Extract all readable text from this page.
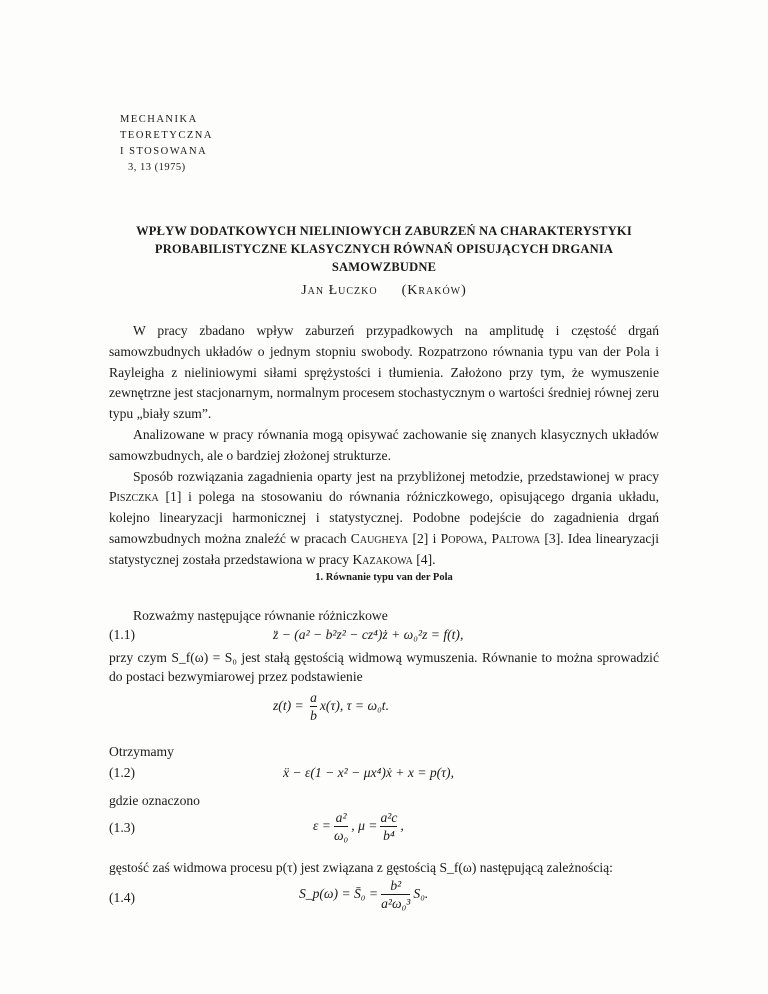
MECHANIKA
TEORETYCZNA
I STOSOWANA
3, 13 (1975)
WPŁYW DODATKOWYCH NIELINIOWYCH ZABURZEŃ NA CHARAKTERYSTYKI
PROBABILISTYCZNE KLASYCZNYCH RÓWNAŃ OPISUJĄCYCH DRGANIA
SAMOWZBUDNE
Jan Łuczko (Kraków)

W pracy zbadano wpływ zaburzeń przypadkowych na amplitudę i częstość drgań samowzbudnych układów o jednym stopniu swobody. Rozpatrzono równania typu van der Pola i Rayleigha z nieliniowymi siłami sprężystości i tłumienia. Założono przy tym, że wymuszenie zewnętrzne jest stacjonarnym, normalnym procesem stochastycznym o wartości średniej równej zeru typu „biały szum”.

Analizowane w pracy równania mogą opisywać zachowanie się znanych klasycznych układów samowzbudnych, ale o bardziej złożonej strukturze.

Sposób rozwiązania zagadnienia oparty jest na przybliżonej metodzie, przedstawionej w pracy Piszczka [1] i polega na stosowaniu do równania różniczkowego, opisującego drgania układu, kolejno linearyzacji harmonicznej i statystycznej. Podobne podejście do zagadnienia drgań samowzbudnych można znaleźć w pracach Caugheya [2] i Popowa, Paltowa [3]. Idea linearyzacji statystycznej została przedstawiona w pracy Kazakowa [4].

1. Równanie typu van der Pola

Rozważmy następujące równanie różniczkowe

(1.1)	z̈ − (a² − b²z² − cz⁴)ż + ω₀²z = f(t),

przy czym S_f(ω) = S₀ jest stałą gęstością widmową wymuszenia. Równanie to można sprowadzić do postaci bezwymiarowej przez podstawienie

$z(t) = \frac{a}{b} x(\tau)$, τ = ω₀t.

Otrzymamy

(1.2)	ẍ − ε(1 − x² − μx⁴)ẋ + x = p(τ),

gdzie oznaczono

(1.3)	$\varepsilon = \frac{\text{a²}}{\text{ω₀}}$ , $\mu = \frac{\text{a²c}}{\text{b⁴}}$ ,

gęstość zaś widmowa procesu p(τ) jest związana z gęstością S_f(ω) następującą zależnością:

(1.4)	S_p(ω) = S̄₀ = $\frac{\text{b²}}{\text{a²ω₀³}} S_0$.
